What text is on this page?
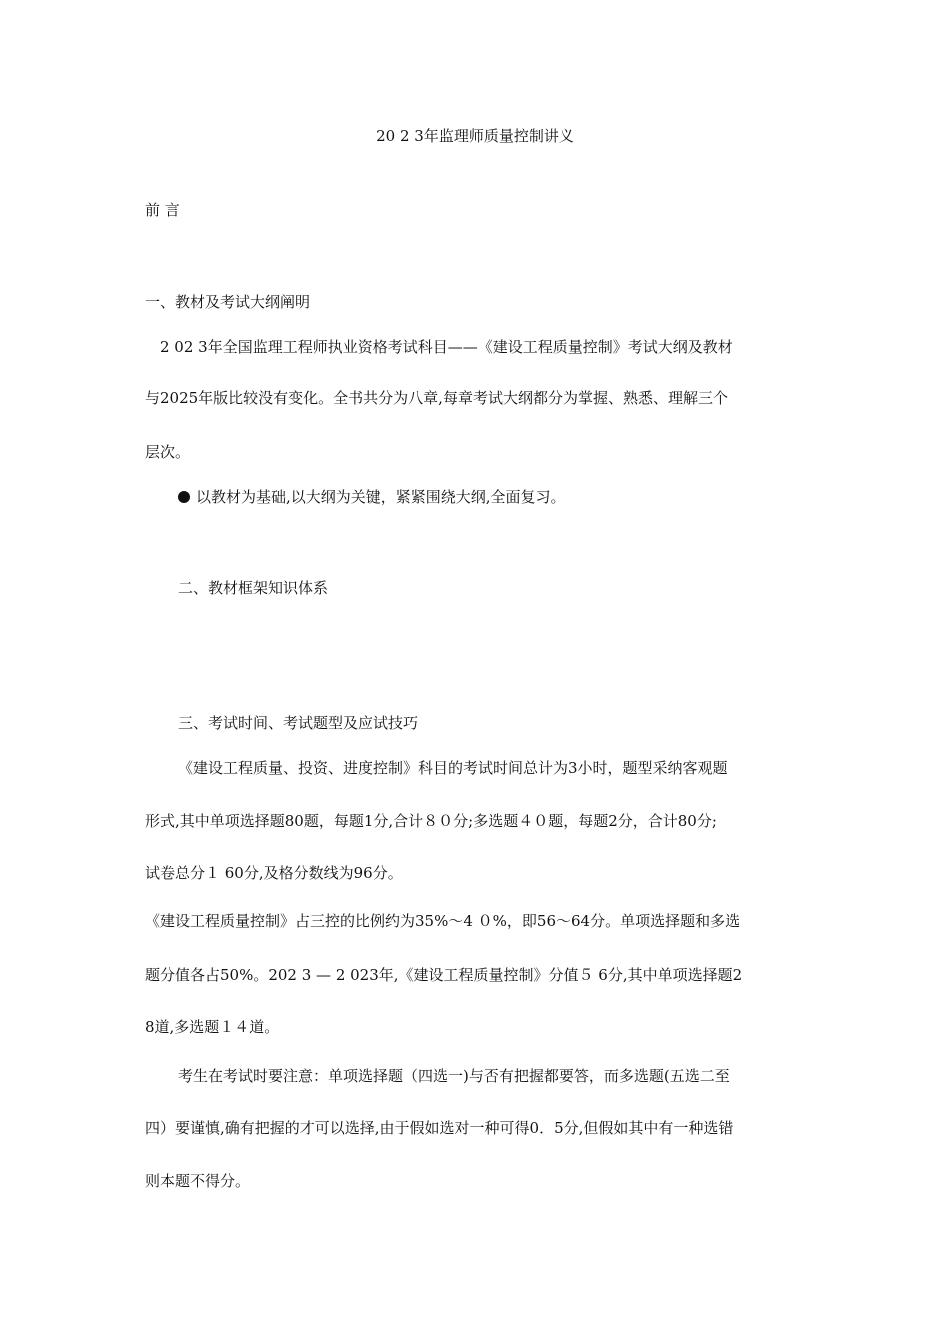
20 2 3年监理师质量控制讲义

前 言

一、教材及考试大纲阐明

2 02 3年全国监理工程师执业资格考试科目——《建设工程质量控制》考试大纲及教材

与2025年版比较没有变化。全书共分为八章,每章考试大纲都分为掌握、熟悉、理解三个

层次。

以教材为基础,以大纲为关键，紧紧围绕大纲,全面复习。

二、教材框架知识体系

三、考试时间、考试题型及应试技巧

《建设工程质量、投资、进度控制》科目的考试时间总计为3小时，题型采纳客观题

形式,其中单项选择题80题，每题1分,合计８０分;多选题４０题，每题2分，合计80分;

试卷总分１ 60分,及格分数线为96分。

《建设工程质量控制》占三控的比例约为35%～4 ０%，即56～64分。单项选择题和多选

题分值各占50%。202 3 — 2 023年,《建设工程质量控制》分值５ 6分,其中单项选择题2

8道,多选题１４道。

考生在考试时要注意：单项选择题（四选一)与否有把握都要答，而多选题(五选二至

四）要谨慎,确有把握的才可以选择,由于假如选对一种可得0．5分,但假如其中有一种选错

则本题不得分。
